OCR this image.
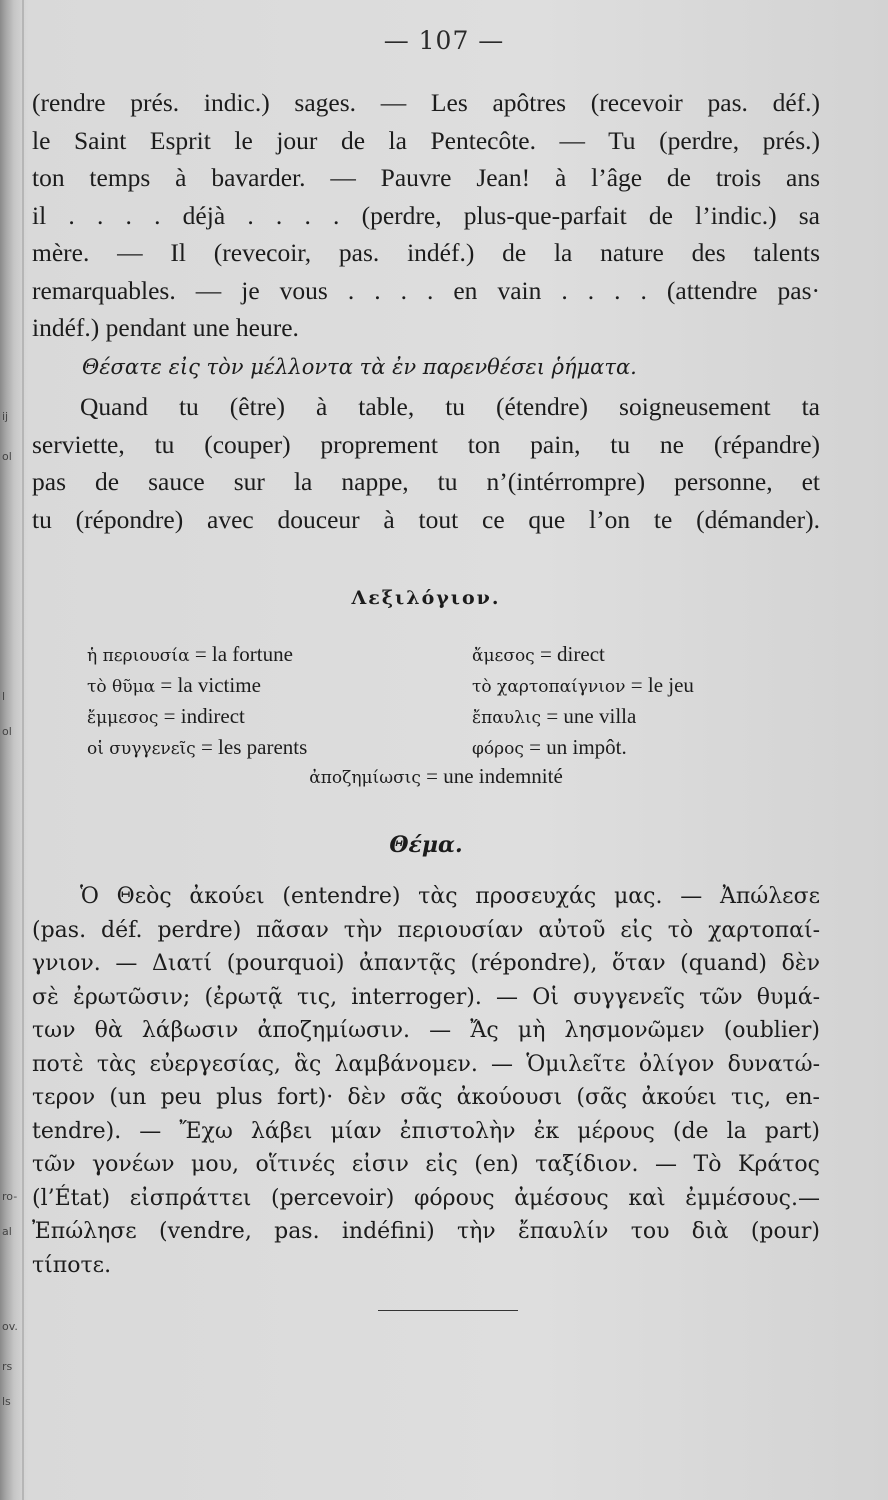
ij
ol
l
ol
ro-
al
ov.
rs
ls
— 107 —

(rendre prés. indic.) sages. — Les apôtres (recevoir pas. déf.)
le Saint Esprit le jour de la Pentecôte. — Tu (perdre, prés.)
ton temps à bavarder. — Pauvre Jean! à l’âge de trois ans
il . . . . déjà . . . . (perdre, plus-que-parfait de l’indic.) sa
mère. — Il (revecoir, pas. indéf.) de la nature des talents
remarquables. — je vous . . . . en vain . . . . (attendre pas·
indéf.) pendant une heure.

Θέσατε εἰς τὸν μέλλοντα τὰ ἐν παρενθέσει ῥήματα.

Quand tu (être) à table, tu (étendre) soigneusement ta
serviette, tu (couper) proprement ton pain, tu ne (répandre)
pas de sauce sur la nappe, tu n’(intérrompre) personne, et
tu (répondre) avec douceur à tout ce que l’on te (démander).

Λεξιλόγιον.
ἡ περιουσία = la fortune	ἄμεσος = direct
τὸ θῦμα = la victime	τὸ χαρτοπαίγνιον = le jeu
ἔμμεσος = indirect	ἔπαυλις = une villa
οἱ συγγενεῖς = les parents	φόρος = un impôt.
ἀποζημίωσις = une indemnité
Θέμα.

Ὁ Θεὸς ἀκούει (entendre) τὰς προσευχάς μας. — Ἀπώλεσε
(pas. déf. perdre) πᾶσαν τὴν περιουσίαν αὐτοῦ εἰς τὸ χαρτοπαί-
γνιον. — Διατί (pourquoi) ἀπαντᾷς (répondre), ὅταν (quand) δὲν
σὲ ἐρωτῶσιν; (ἐρωτᾷ τις, interroger). — Οἱ συγγενεῖς τῶν θυμά-
των θὰ λάβωσιν ἀποζημίωσιν. — Ἄς μὴ λησμονῶμεν (oublier)
ποτὲ τὰς εὐεργεσίας, ἃς λαμβάνομεν. — Ὁμιλεῖτε ὀλίγον δυνατώ-
τερον (un peu plus fort)· δὲν σᾶς ἀκούουσι (σᾶς ἀκούει τις, en-
tendre). — Ἔχω λάβει μίαν ἐπιστολὴν ἐκ μέρους (de la part)
τῶν γονέων μου, οἵτινές εἰσιν εἰς (en) ταξίδιον. — Τὸ Κράτος
(l’État) εἰσπράττει (percevoir) φόρους ἀμέσους καὶ ἐμμέσους.—
Ἐπώλησε (vendre, pas. indéfini) τὴν ἔπαυλίν του διὰ (pour)
τίποτε.
